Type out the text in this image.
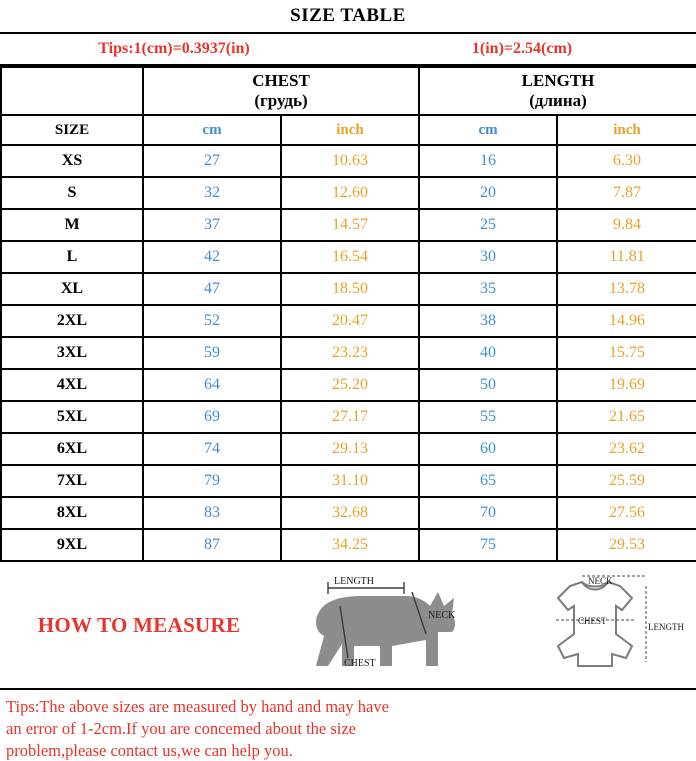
SIZE TABLE
Tips:1(cm)=0.3937(in)	1(in)=2.54(cm)

CHEST
(грудь)

LENGTH
(длина)

SIZE	cm	inch	cm	inch
XS	27	10.63	16	6.30
S	32	12.60	20	7.87
M	37	14.57	25	9.84
L	42	16.54	30	11.81
XL	47	18.50	35	13.78
2XL	52	20.47	38	14.96
3XL	59	23.23	40	15.75
4XL	64	25.20	50	19.69
5XL	69	27.17	55	21.65
6XL	74	29.13	60	23.62
7XL	79	31.10	65	25.59
8XL	83	32.68	70	27.56
9XL	87	34.25	75	29.53
HOW TO MEASURE
LENGTH
NECK
CHEST
NECK
CHEST
LENGTH
Tips:The above sizes are measured by hand and may have
an error of 1-2cm.If you are concemed about the size
problem,please contact us,we can help you.
